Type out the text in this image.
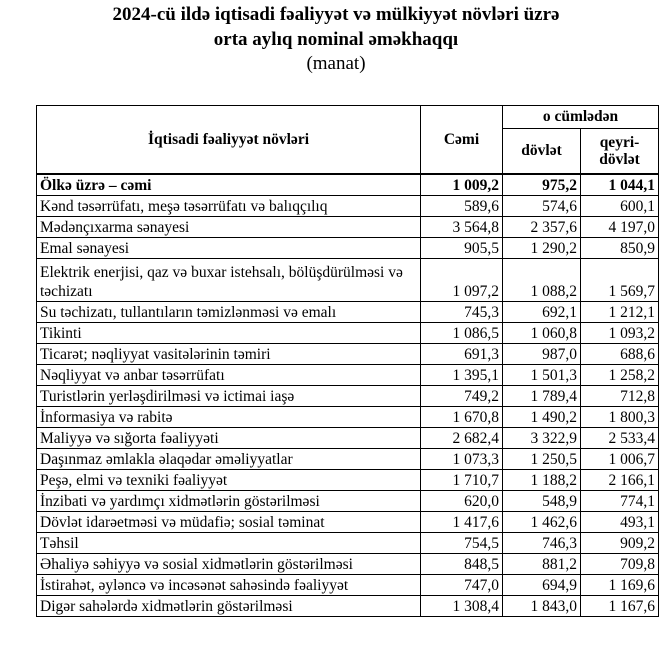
2024-cü ildə iqtisadi fəaliyyət və mülkiyyət növləri üzrə
orta aylıq nominal əməkhaqqı
(manat)
İqtisadi fəaliyyət növləri	Cəmi	o cümlədən	
		dövlət	qeyri-dövlət
Ölkə üzrə – cəmi	1 009,2	975,2	1 044,1
Kənd təsərrüfatı, meşə təsərrüfatı və balıqçılıq	589,6	574,6	600,1
Mədənçıxarma sənayesi	3 564,8	2 357,6	4 197,0
Emal sənayesi	905,5	1 290,2	850,9
Elektrik enerjisi, qaz və buxar istehsalı, bölüşdürülməsi və təchizatı	1 097,2	1 088,2	1 569,7
Su təchizatı, tullantıların təmizlənməsi və emalı	745,3	692,1	1 212,1
Tikinti	1 086,5	1 060,8	1 093,2
Ticarət; nəqliyyat vasitələrinin təmiri	691,3	987,0	688,6
Nəqliyyat və anbar təsərrüfatı	1 395,1	1 501,3	1 258,2
Turistlərin yerləşdirilməsi və ictimai iaşə	749,2	1 789,4	712,8
İnformasiya və rabitə	1 670,8	1 490,2	1 800,3
Maliyyə və sığorta fəaliyyəti	2 682,4	3 322,9	2 533,4
Daşınmaz əmlakla əlaqədar əməliyyatlar	1 073,3	1 250,5	1 006,7
Peşə, elmi və texniki fəaliyyət	1 710,7	1 188,2	2 166,1
İnzibati və yardımçı xidmətlərin göstərilməsi	620,0	548,9	774,1
Dövlət idarəetməsi və müdafiə; sosial təminat	1 417,6	1 462,6	493,1
Təhsil	754,5	746,3	909,2
Əhaliyə səhiyyə və sosial xidmətlərin göstərilməsi	848,5	881,2	709,8
İstirahət, əyləncə və incəsənət sahəsində fəaliyyət	747,0	694,9	1 169,6
Digər sahələrdə xidmətlərin göstərilməsi	1 308,4	1 843,0	1 167,6
